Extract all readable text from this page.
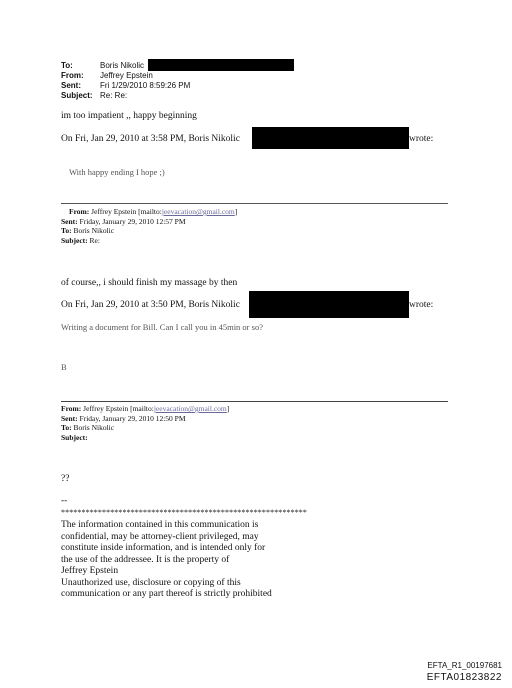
To:	Boris Nikolic
From: Jeffrey Epstein
Sent: Fri 1/29/2010 8:59:26 PM
Subject: Re: Re:
im too impatient ,, happy beginning
On Fri, Jan 29, 2010 at 3:58 PM, Boris Nikolic	wrote:
With happy ending I hope ;)
From: Jeffrey Epstein [mailto:jeevacation@gmail.com]
Sent: Friday, January 29, 2010 12:57 PM
To: Boris Nikolic
Subject: Re:
of course,, i should finish my massage by then
On Fri, Jan 29, 2010 at 3:50 PM, Boris Nikolic	wrote:
Writing a document for Bill. Can I call you in 45min or so?
B
From: Jeffrey Epstein [mailto:jeevacation@gmail.com]
Sent: Friday, January 29, 2010 12:50 PM
To: Boris Nikolic
Subject:
??
--
************************************************************
The information contained in this communication is
confidential, may be attorney-client privileged, may
constitute inside information, and is intended only for
the use of the addressee. It is the property of
Jeffrey Epstein
Unauthorized use, disclosure or copying of this
communication or any part thereof is strictly prohibited
EFTA_R1_00197681
EFTA01823822
